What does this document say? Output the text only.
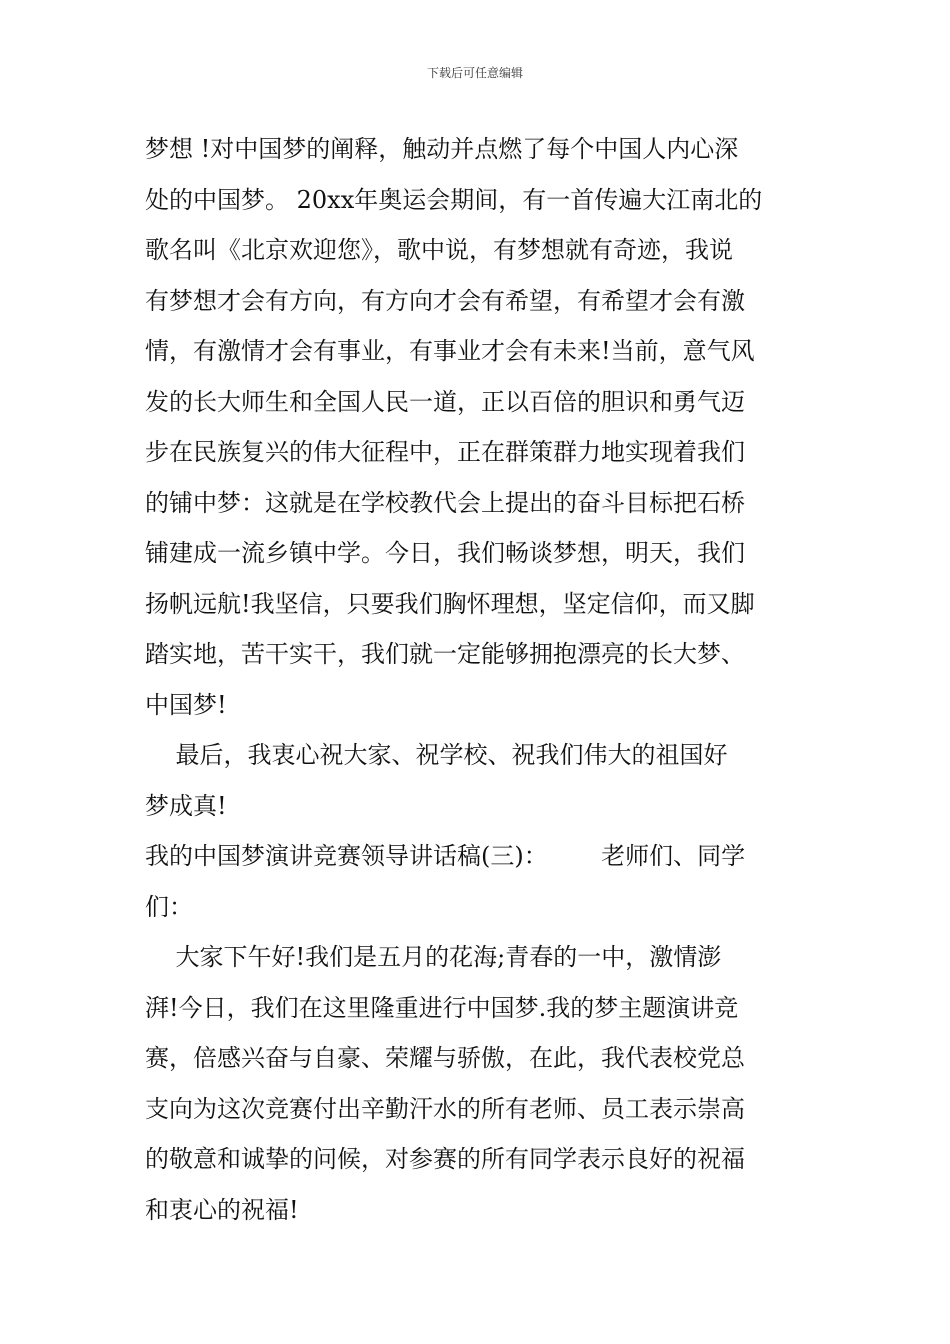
下载后可任意编辑
梦想 !对中国梦的阐释，触动并点燃了每个中国人内心深
处的中国梦。 20xx年奥运会期间，有一首传遍大江南北的
歌名叫《北京欢迎您》，歌中说，有梦想就有奇迹，我说
有梦想才会有方向，有方向才会有希望，有希望才会有激
情，有激情才会有事业，有事业才会有未来!当前，意气风
发的长大师生和全国人民一道，正以百倍的胆识和勇气迈
步在民族复兴的伟大征程中，正在群策群力地实现着我们
的铺中梦：这就是在学校教代会上提出的奋斗目标把石桥
铺建成一流乡镇中学。今日，我们畅谈梦想，明天，我们
扬帆远航!我坚信，只要我们胸怀理想，坚定信仰，而又脚
踏实地，苦干实干，我们就一定能够拥抱漂亮的长大梦、
中国梦!
最后，我衷心祝大家、祝学校、祝我们伟大的祖国好
梦成真!
我的中国梦演讲竞赛领导讲话稿(三)：       老师们、同学
们：
大家下午好!我们是五月的花海;青春的一中，激情澎
湃!今日，我们在这里隆重进行中国梦.我的梦主题演讲竞
赛，倍感兴奋与自豪、荣耀与骄傲，在此，我代表校党总
支向为这次竞赛付出辛勤汗水的所有老师、员工表示崇高
的敬意和诚挚的问候，对参赛的所有同学表示良好的祝福
和衷心的祝福!
